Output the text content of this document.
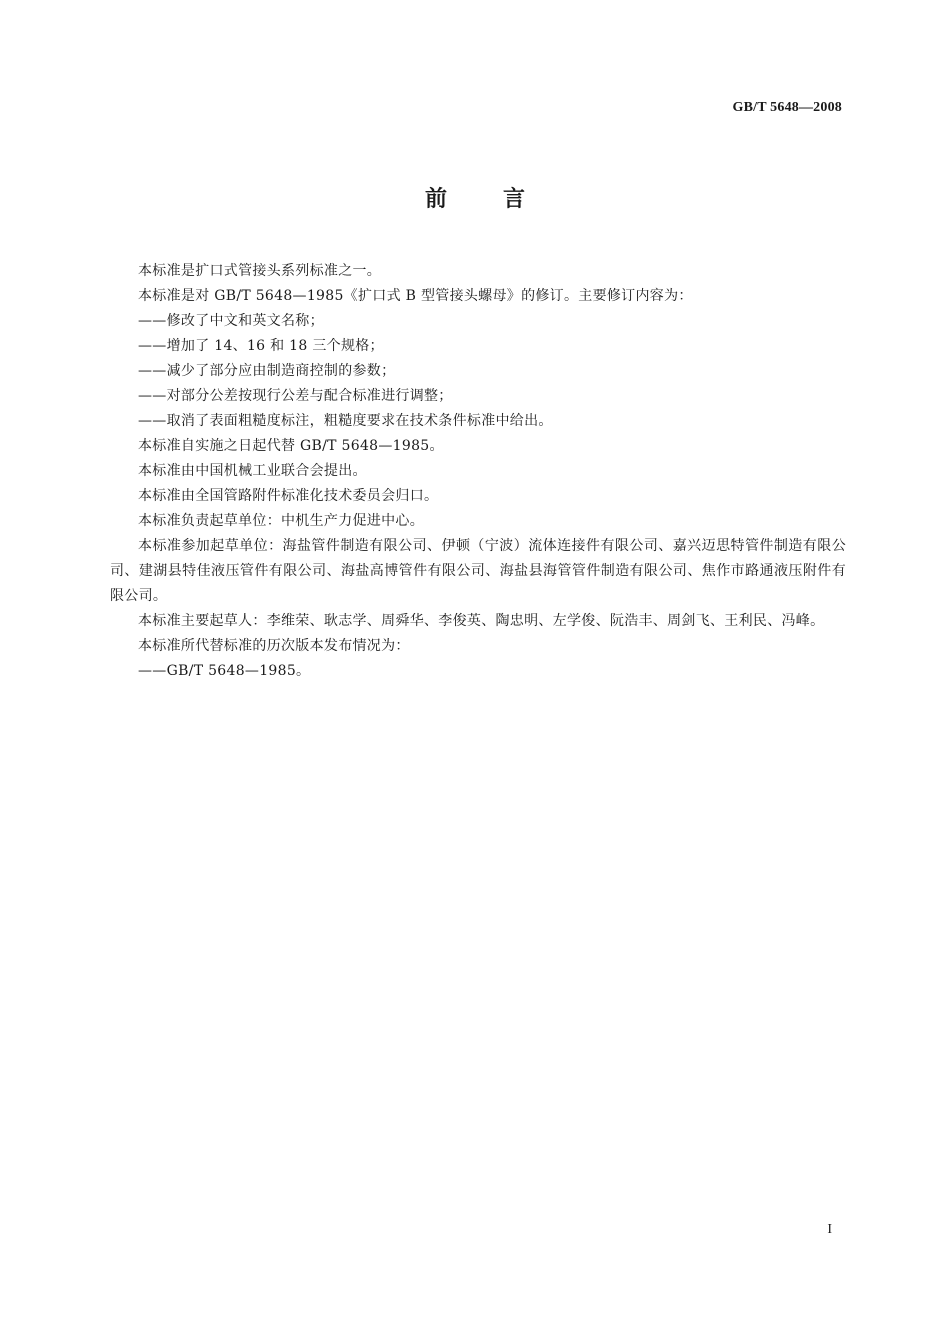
GB/T 5648—2008
前言

本标准是扩口式管接头系列标准之一。

本标准是对 GB/T 5648—1985《扩口式 B 型管接头螺母》的修订。主要修订内容为：

——修改了中文和英文名称；

——增加了 14、16 和 18 三个规格；

——减少了部分应由制造商控制的参数；

——对部分公差按现行公差与配合标准进行调整；

——取消了表面粗糙度标注，粗糙度要求在技术条件标准中给出。

本标准自实施之日起代替 GB/T 5648—1985。

本标准由中国机械工业联合会提出。

本标准由全国管路附件标准化技术委员会归口。

本标准负责起草单位：中机生产力促进中心。

本标准参加起草单位：海盐管件制造有限公司、伊顿（宁波）流体连接件有限公司、嘉兴迈思特管件制造有限公司、建湖县特佳液压管件有限公司、海盐高博管件有限公司、海盐县海管管件制造有限公司、焦作市路通液压附件有限公司。

本标准主要起草人：李维荣、耿志学、周舜华、李俊英、陶忠明、左学俊、阮浩丰、周剑飞、王利民、冯峰。

本标准所代替标准的历次版本发布情况为：

——GB/T 5648—1985。

I
